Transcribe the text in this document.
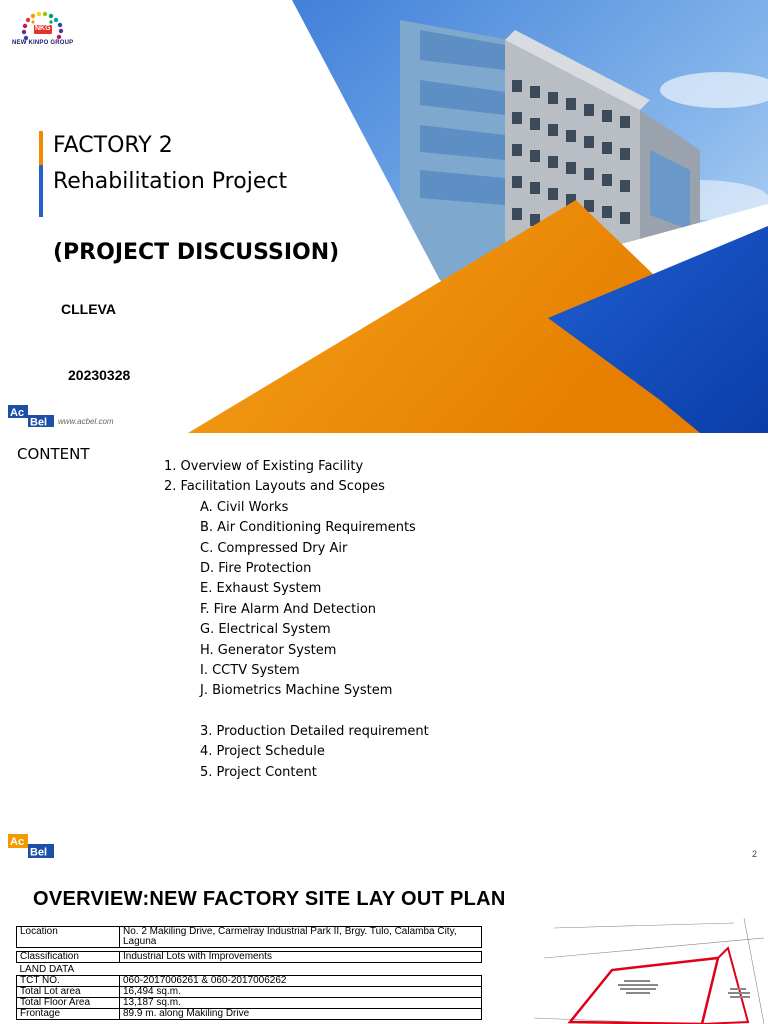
NKG
NEW KINPO GROUP
FACTORY 2
Rehabilitation Project
(PROJECT DISCUSSION)
CLLEVA
20230328
Ac
Bel www.acbel.com
CONTENT
1. Overview of Existing Facility
2. Facilitation Layouts and Scopes
A. Civil Works
B. Air Conditioning Requirements
C. Compressed Dry Air
D. Fire Protection
E. Exhaust System
F. Fire Alarm And Detection
G. Electrical System
H. Generator System
I. CCTV System
J. Biometrics Machine System
3. Production Detailed requirement
4. Project Schedule
5. Project Content
Ac
Bel	2
OVERVIEW:NEW FACTORY SITE LAY OUT PLAN
Location	No. 2 Makiling Drive, Carmelray Industrial Park II, Brgy. Tulo, Calamba City, Laguna

Classification	Industrial Lots with Improvements
LAND DATA	
TCT NO.	060-2017006261 & 060-2017006262
Total Lot area	16,494 sq.m.
Total Floor Area	13,187 sq.m.
Frontage	89.9 m. along Makiling Drive
